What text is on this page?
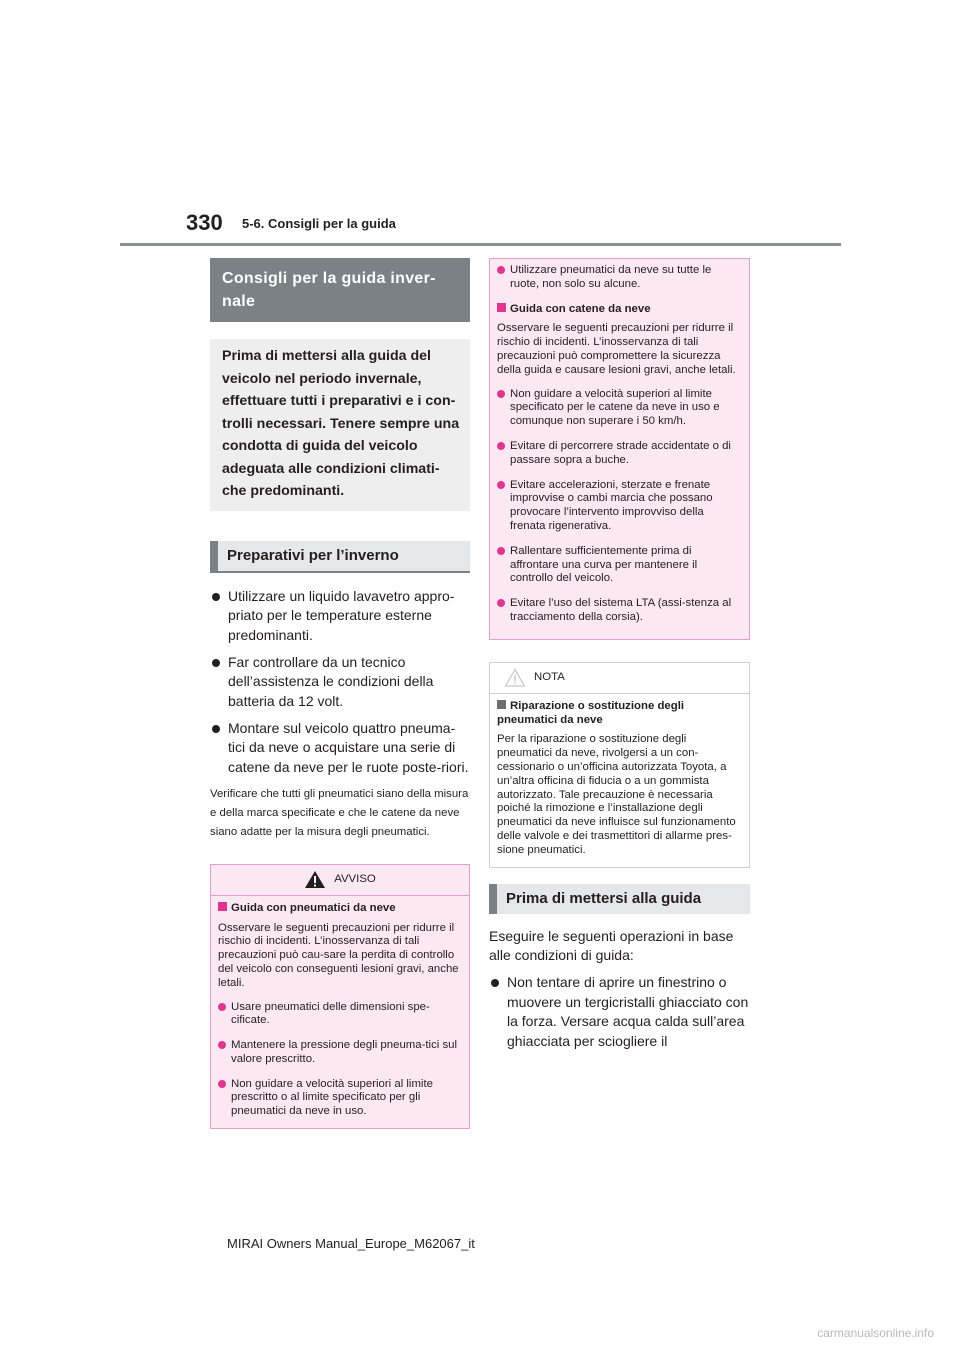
330 5-6. Consigli per la guida
Consigli per la guida inver-nale
Prima di mettersi alla guida del veicolo nel periodo invernale, effettuare tutti i preparativi e i con-trolli necessari. Tenere sempre una condotta di guida del veicolo adeguata alle condizioni climati-che predominanti.
Preparativi per l’inverno
Utilizzare un liquido lavavetro appro-priato per le temperature esterne predominanti.
Far controllare da un tecnico dell’assistenza le condizioni della batteria da 12 volt.
Montare sul veicolo quattro pneuma-tici da neve o acquistare una serie di catene da neve per le ruote poste-riori.
Verificare che tutti gli pneumatici siano della misura e della marca specificate e che le catene da neve siano adatte per la misura degli pneumatici.
AVVISO
Guida con pneumatici da neve
Osservare le seguenti precauzioni per ridurre il rischio di incidenti. L’inosservanza di tali precauzioni può cau-sare la perdita di controllo del veicolo con conseguenti lesioni gravi, anche letali.
Usare pneumatici delle dimensioni spe-cificate.
Mantenere la pressione degli pneuma-tici sul valore prescritto.
Non guidare a velocità superiori al limite prescritto o al limite specificato per gli pneumatici da neve in uso.
Utilizzare pneumatici da neve su tutte le ruote, non solo su alcune.
Guida con catene da neve
Osservare le seguenti precauzioni per ridurre il rischio di incidenti. L’inosservanza di tali precauzioni può compromettere la sicurezza della guida e causare lesioni gravi, anche letali.
Non guidare a velocità superiori al limite specificato per le catene da neve in uso e comunque non superare i 50 km/h.
Evitare di percorrere strade accidentate o di passare sopra a buche.
Evitare accelerazioni, sterzate e frenate improvvise o cambi marcia che possano provocare l’intervento improvviso della frenata rigenerativa.
Rallentare sufficientemente prima di affrontare una curva per mantenere il controllo del veicolo.
Evitare l’uso del sistema LTA (assi-stenza al tracciamento della corsia).
NOTA
Riparazione o sostituzione degli pneumatici da neve
Per la riparazione o sostituzione degli pneumatici da neve, rivolgersi a un con-cessionario o un’officina autorizzata Toyota, a un’altra officina di fiducia o a un gommista autorizzato. Tale precauzione è necessaria poiché la rimozione e l’installazione degli pneumatici da neve influisce sul funzionamento delle valvole e dei trasmettitori di allarme pres-sione pneumatici.
Prima di mettersi alla guida
Eseguire le seguenti operazioni in base alle condizioni di guida:
Non tentare di aprire un finestrino o muovere un tergicristalli ghiacciato con la forza. Versare acqua calda sull’area ghiacciata per sciogliere il
MIRAI Owners Manual_Europe_M62067_it
carmanualsonline.info
